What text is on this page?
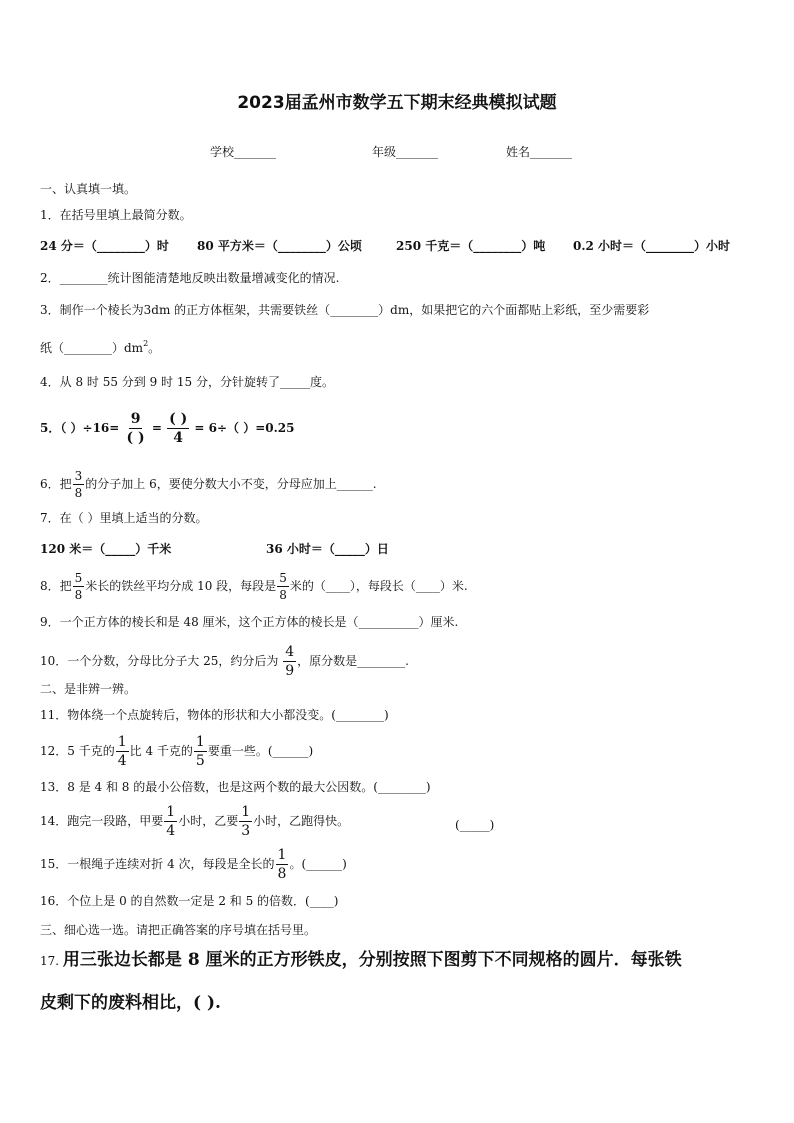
2023届孟州市数学五下期末经典模拟试题
学校_______	年级_______	姓名_______
一、认真填一填。
1．在括号里填上最简分数。
24 分＝（________）时 80 平方米＝（________）公顷	250 千克＝（________）吨 0.2 小时＝（________）小时
2．________统计图能清楚地反映出数量增减变化的情况.
3．制作一个棱长为3dm 的正方体框架，共需要铁丝（________）dm，如果把它的六个面都贴上彩纸，至少需要彩
纸$(\_\_\_\_\_\_\_\_)dm^2$。
4．从 8 时 55 分到 9 时 15 分，分针旋转了_____度。
5．（ ）$\div 16= \frac{9}{( )} = \frac{( )}{4} = 6\div$（ ）=0.25
6．把 $\frac{3}{8}$ 的分子加上 6，要使分数大小不变，分母应加上______.
7．在（ ）里填上适当的分数。
120 米＝（_____）千米	36 小时＝（_____）日
8．把 $\frac{5}{8}$ 米长的铁丝平均分成 10 段，每段是 $\frac{5}{8}$ 米的（____），每段长（____）米.
9．一个正方体的棱长和是 48 厘米，这个正方体的棱长是（__________）厘米.
10．一个分数，分母比分子大 25，约分后为 $\frac{4}{9}$ ，原分数是________.
二、是非辨一辨。
11．物体绕一个点旋转后，物体的形状和大小都没变。(________)
12．5 千克的 $\frac{1}{4}$ 比 4 千克的 $\frac{1}{5}$ 要重一些。(______)
13．8 是 4 和 8 的最小公倍数，也是这两个数的最大公因数。(________)
14．跑完一段路，甲要 $\frac{1}{4}$ 小时，乙要 $\frac{1}{3}$ 小时，乙跑得快。	(_____)
15．一根绳子连续对折 4 次，每段是全长的 $\frac{1}{8}$ 。(______)
16．个位上是 0 的自然数一定是 2 和 5 的倍数．(____)
三、细心选一选。请把正确答案的序号填在括号里。
17. 用三张边长都是 8 厘米的正方形铁皮，分别按照下图剪下不同规格的圆片．每张铁
皮剩下的废料相比，( ).
